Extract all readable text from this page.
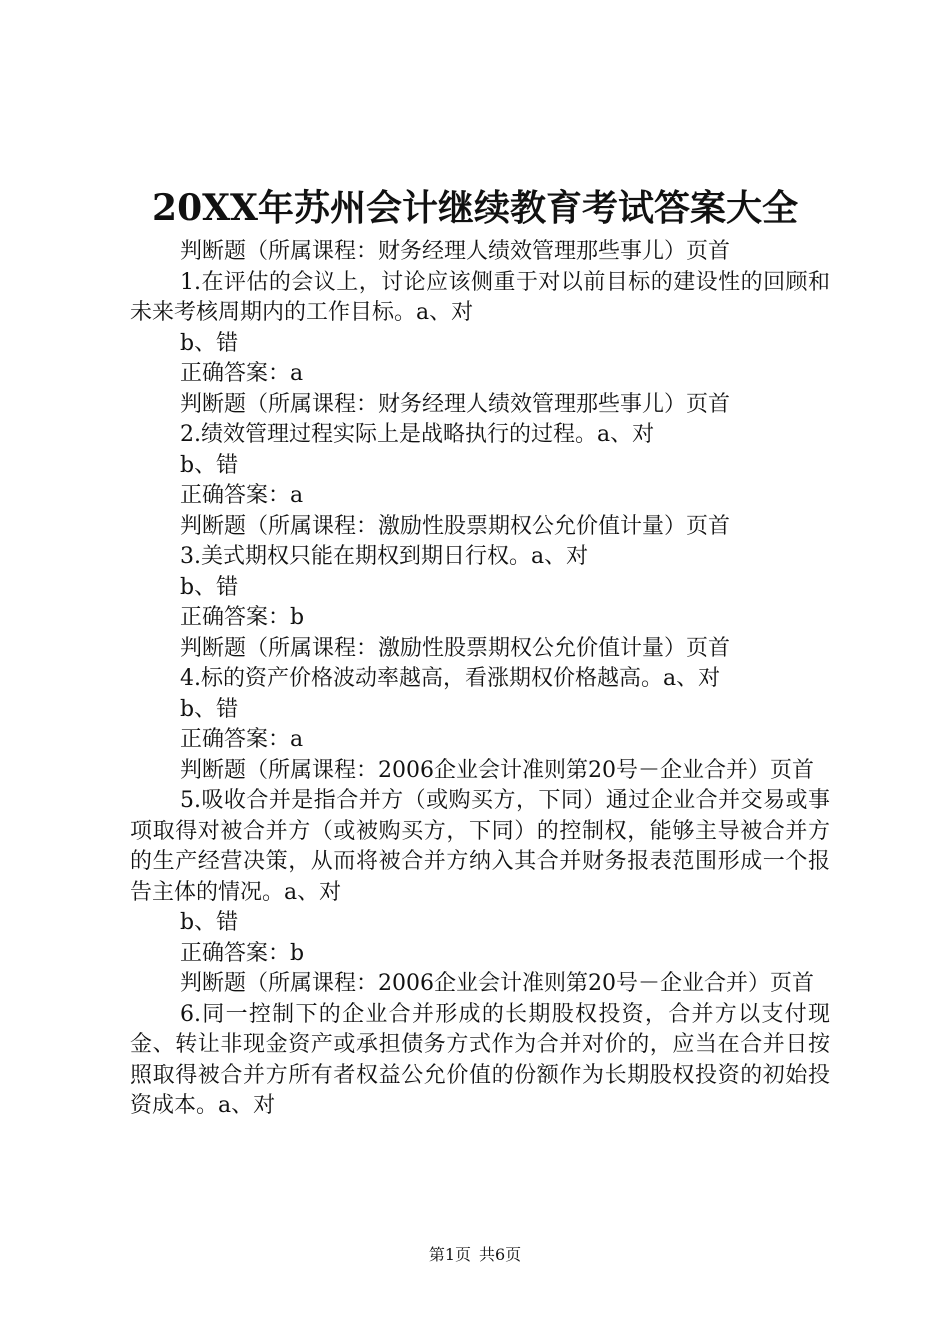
20XX年苏州会计继续教育考试答案大全
判断题（所属课程：财务经理人绩效管理那些事儿）页首
1.在评估的会议上，讨论应该侧重于对以前目标的建设性的回顾和未来考核周期内的工作目标。a、对
b、错
正确答案：a
判断题（所属课程：财务经理人绩效管理那些事儿）页首
2.绩效管理过程实际上是战略执行的过程。a、对
b、错
正确答案：a
判断题（所属课程：激励性股票期权公允价值计量）页首
3.美式期权只能在期权到期日行权。a、对
b、错
正确答案：b
判断题（所属课程：激励性股票期权公允价值计量）页首
4.标的资产价格波动率越高，看涨期权价格越高。a、对
b、错
正确答案：a
判断题（所属课程：2006企业会计准则第20号－企业合并）页首
5.吸收合并是指合并方（或购买方，下同）通过企业合并交易或事项取得对被合并方（或被购买方，下同）的控制权，能够主导被合并方的生产经营决策，从而将被合并方纳入其合并财务报表范围形成一个报告主体的情况。a、对
b、错
正确答案：b
判断题（所属课程：2006企业会计准则第20号－企业合并）页首
6.同一控制下的企业合并形成的长期股权投资，合并方以支付现金、转让非现金资产或承担债务方式作为合并对价的，应当在合并日按照取得被合并方所有者权益公允价值的份额作为长期股权投资的初始投资成本。a、对
第1页 共6页
